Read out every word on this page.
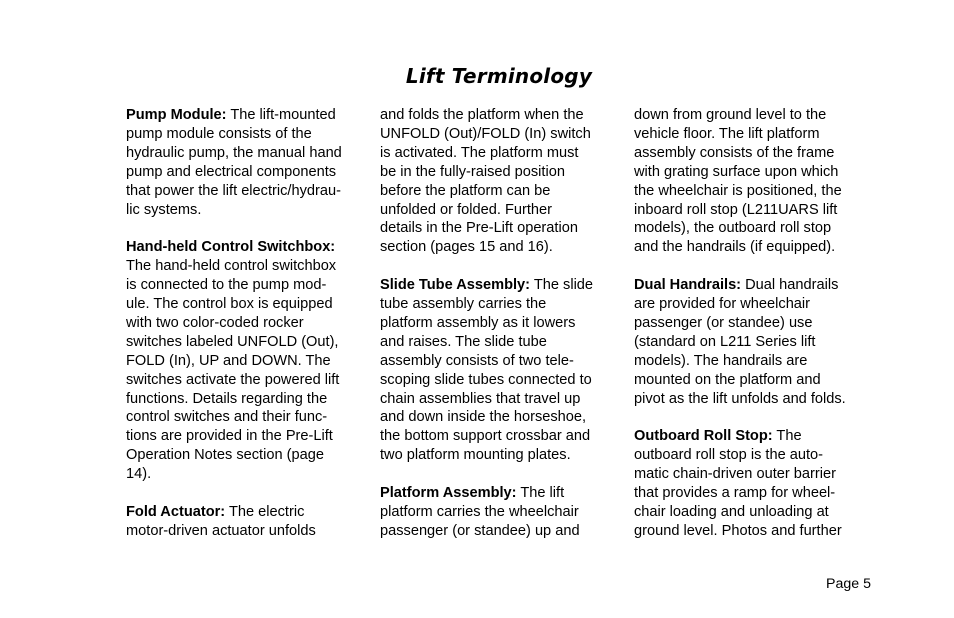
Lift Terminology
Pump Module: The lift-mounted
pump module consists of the
hydraulic pump, the manual hand
pump and electrical components
that power the lift electric/hydrau-
lic systems.
Hand-held Control Switchbox:
The hand-held control switchbox
is connected to the pump mod-
ule. The control box is equipped
with two color-coded rocker
switches labeled UNFOLD (Out),
FOLD (In), UP and DOWN. The
switches activate the powered lift
functions. Details regarding the
control switches and their func-
tions are provided in the Pre-Lift
Operation Notes section (page
14).
Fold Actuator: The electric
motor-driven actuator unfolds
and folds the platform when the
UNFOLD (Out)/FOLD (In) switch
is activated. The platform must
be in the fully-raised position
before the platform can be
unfolded or folded. Further
details in the Pre-Lift operation
section (pages 15 and 16).
Slide Tube Assembly: The slide
tube assembly carries the
platform assembly as it lowers
and raises. The slide tube
assembly consists of two tele-
scoping slide tubes connected to
chain assemblies that travel up
and down inside the horseshoe,
the bottom support crossbar and
two platform mounting plates.
Platform Assembly: The lift
platform carries the wheelchair
passenger (or standee) up and
down from ground level to the
vehicle floor. The lift platform
assembly consists of the frame
with grating surface upon which
the wheelchair is positioned, the
inboard roll stop (L211UARS lift
models), the outboard roll stop
and the handrails (if equipped).
Dual Handrails: Dual handrails
are provided for wheelchair
passenger (or standee) use
(standard on L211 Series lift
models). The handrails are
mounted on the platform and
pivot as the lift unfolds and folds.
Outboard Roll Stop: The
outboard roll stop is the auto-
matic chain-driven outer barrier
that provides a ramp for wheel-
chair loading and unloading at
ground level. Photos and further
Page 5
